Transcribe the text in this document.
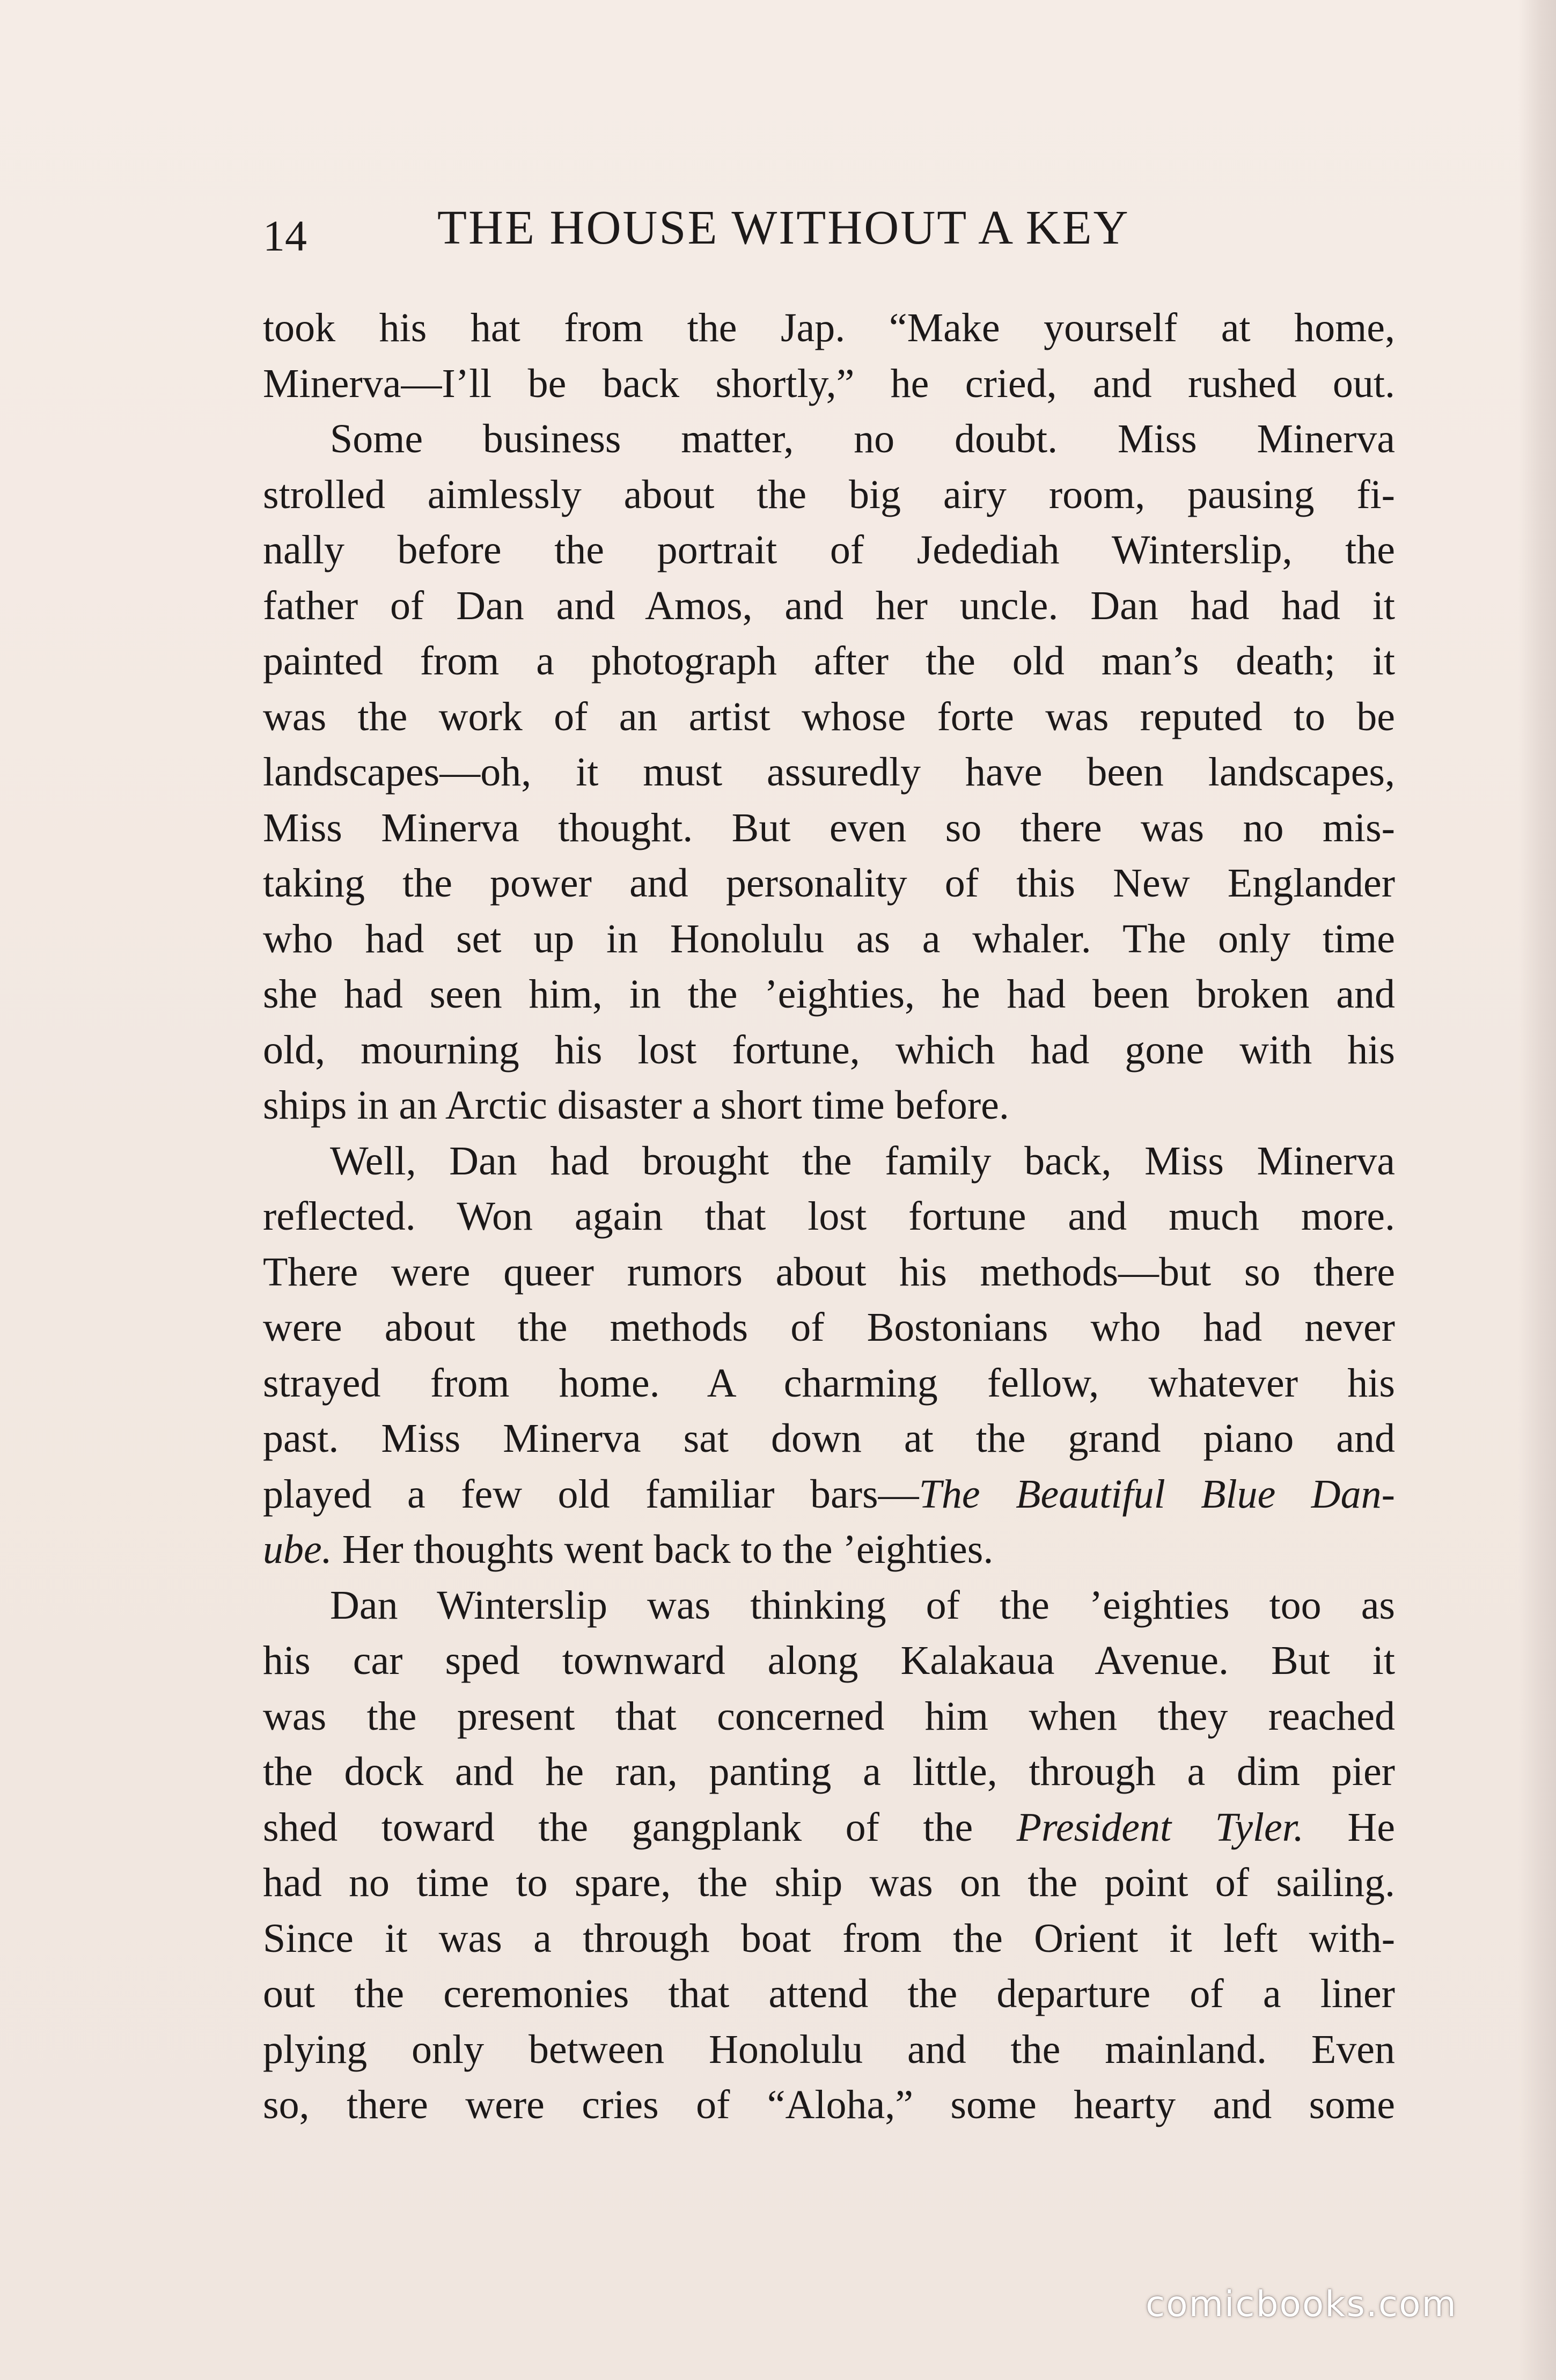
14	THE HOUSE WITHOUT A KEY
took his hat from the Jap. “Make yourself at home,
Minerva—I’ll be back shortly,” he cried, and rushed out.
Some business matter, no doubt. Miss Minerva
strolled aimlessly about the big airy room, pausing fi-
nally before the portrait of Jedediah Winterslip, the
father of Dan and Amos, and her uncle. Dan had had it
painted from a photograph after the old man’s death; it
was the work of an artist whose forte was reputed to be
landscapes—oh, it must assuredly have been landscapes,
Miss Minerva thought. But even so there was no mis-
taking the power and personality of this New Englander
who had set up in Honolulu as a whaler. The only time
she had seen him, in the ’eighties, he had been broken and
old, mourning his lost fortune, which had gone with his
ships in an Arctic disaster a short time before.
Well, Dan had brought the family back, Miss Minerva
reflected. Won again that lost fortune and much more.
There were queer rumors about his methods—but so there
were about the methods of Bostonians who had never
strayed from home. A charming fellow, whatever his
past. Miss Minerva sat down at the grand piano and
played a few old familiar bars—The Beautiful Blue Dan-
ube. Her thoughts went back to the ’eighties.
Dan Winterslip was thinking of the ’eighties too as
his car sped townward along Kalakaua Avenue. But it
was the present that concerned him when they reached
the dock and he ran, panting a little, through a dim pier
shed toward the gangplank of the President Tyler. He
had no time to spare, the ship was on the point of sailing.
Since it was a through boat from the Orient it left with-
out the ceremonies that attend the departure of a liner
plying only between Honolulu and the mainland. Even
so, there were cries of “Aloha,” some hearty and some
comicbooks.com
